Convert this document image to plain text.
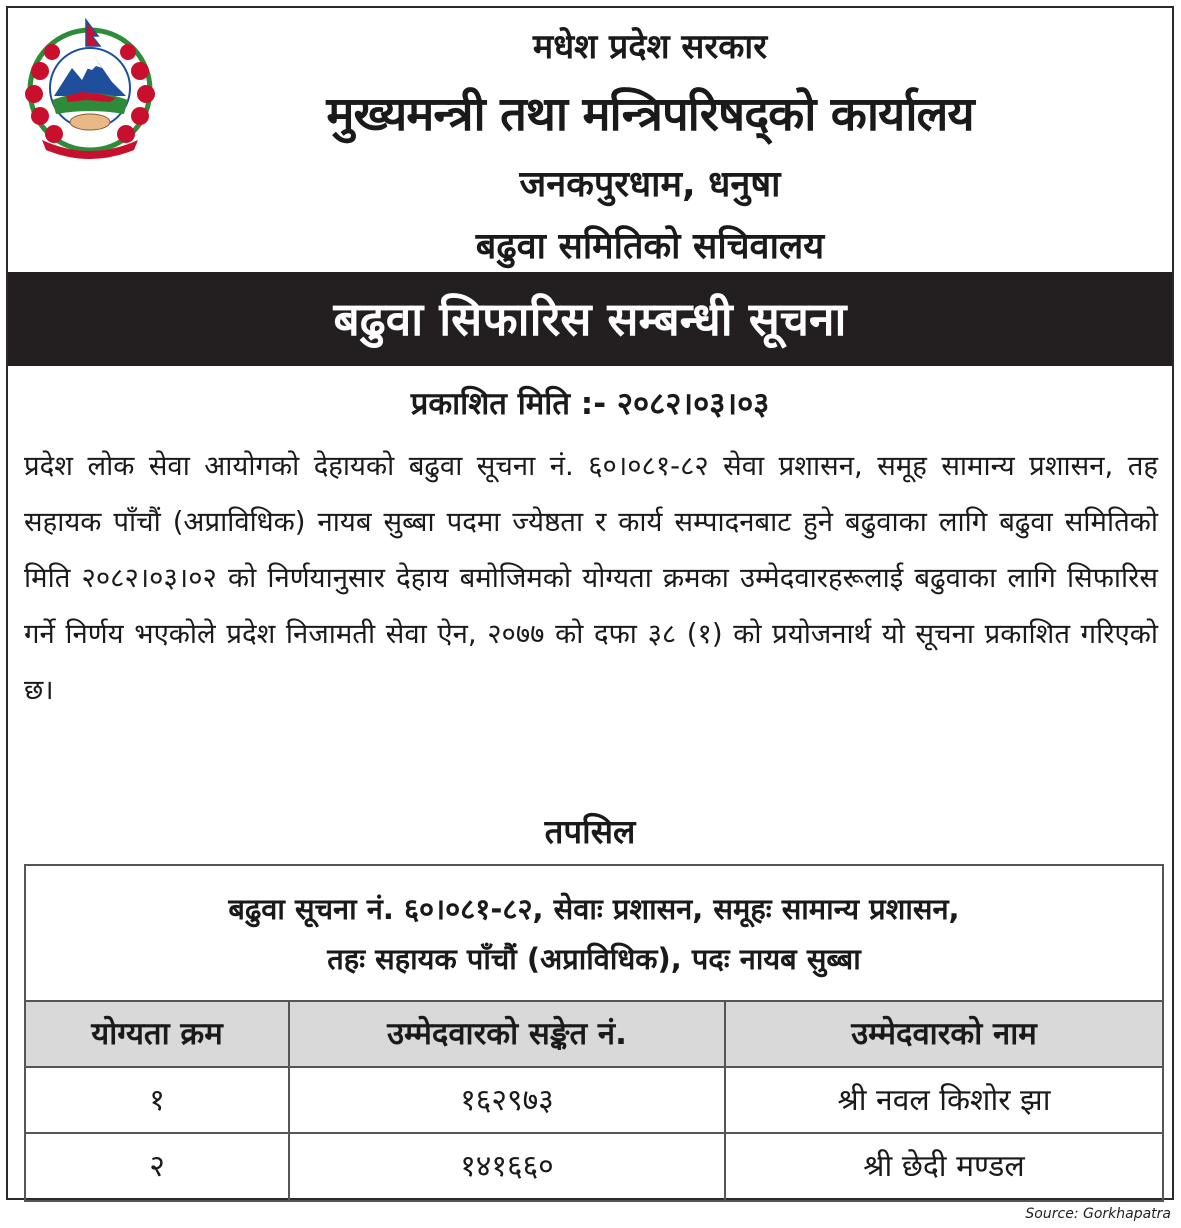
मधेश प्रदेश सरकार
मुख्यमन्त्री तथा मन्त्रिपरिषद्को कार्यालय
जनकपुरधाम, धनुषा
बढुवा समितिको सचिवालय
बढुवा सिफारिस सम्बन्धी सूचना
प्रकाशित मिति :- २०८२।०३।०३

प्रदेश लोक सेवा आयोगको देहायको बढुवा सूचना नं. ६०।०८१-८२ सेवा प्रशासन, समूह सामान्य प्रशासन, तह सहायक पाँचौं (अप्राविधिक) नायब सुब्बा पदमा ज्येष्ठता र कार्य सम्पादनबाट हुने बढुवाका लागि बढुवा समितिको मिति २०८२।०३।०२ को निर्णयानुसार देहाय बमोजिमको योग्यता क्रमका उम्मेदवारहरूलाई बढुवाका लागि सिफारिस गर्ने निर्णय भएकोले प्रदेश निजामती सेवा ऐन, २०७७ को दफा ३८ (१) को प्रयोजनार्थ यो सूचना प्रकाशित गरिएको छ।

तपसिल
बढुवा सूचना नं. ६०।०८१-८२, सेवाः प्रशासन, समूहः सामान्य प्रशासन,
तहः सहायक पाँचौं (अप्राविधिक), पदः नायब सुब्बा
योग्यता क्रम	उम्मेदवारको सङ्केत नं.	उम्मेदवारको नाम
१	१६२९७३	श्री नवल किशोर झा
२	१४१६६०	श्री छेदी मण्डल
Source: Gorkhapatra
